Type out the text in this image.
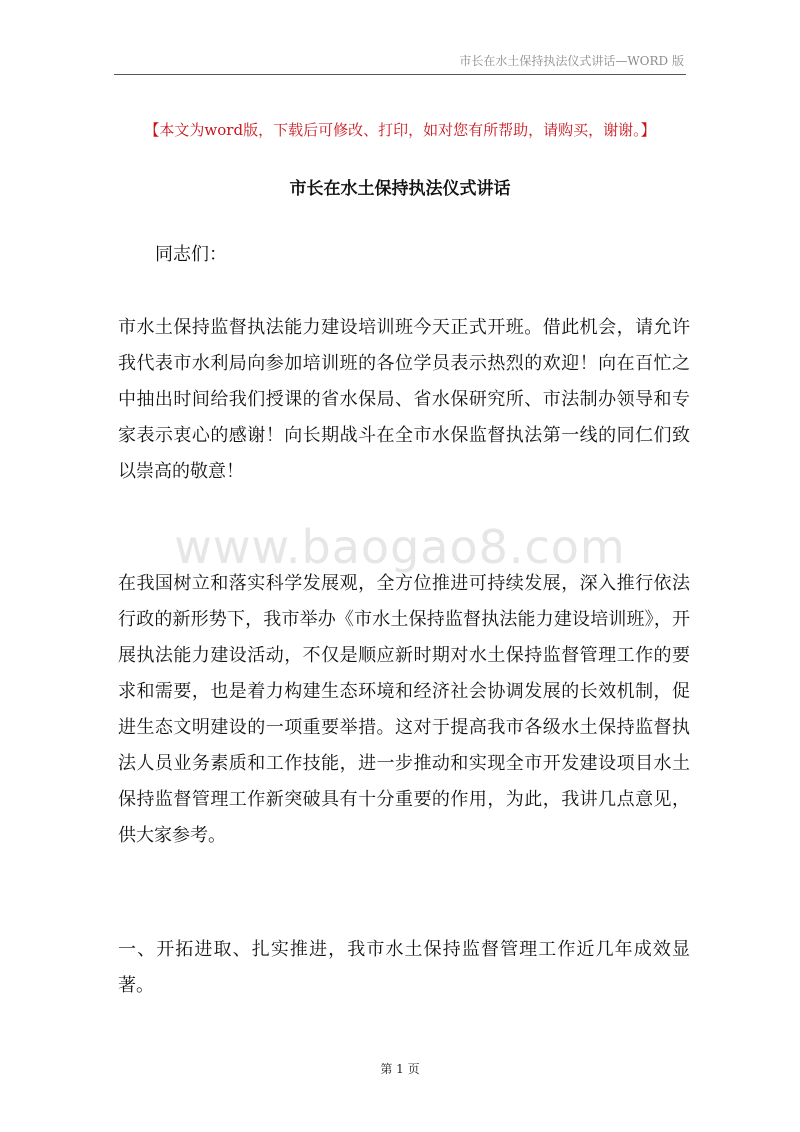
市长在水土保持执法仪式讲话—WORD 版
【本文为word版，下载后可修改、打印，如对您有所帮助，请购买，谢谢。】
市长在水土保持执法仪式讲话
同志们：
市水土保持监督执法能力建设培训班今天正式开班。借此机会，请允许我代表市水利局向参加培训班的各位学员表示热烈的欢迎！向在百忙之中抽出时间给我们授课的省水保局、省水保研究所、市法制办领导和专家表示衷心的感谢！向长期战斗在全市水保监督执法第一线的同仁们致以崇高的敬意！
www.baogao8.com
在我国树立和落实科学发展观，全方位推进可持续发展，深入推行依法行政的新形势下，我市举办《市水土保持监督执法能力建设培训班》，开展执法能力建设活动，不仅是顺应新时期对水土保持监督管理工作的要求和需要，也是着力构建生态环境和经济社会协调发展的长效机制，促进生态文明建设的一项重要举措。这对于提高我市各级水土保持监督执法人员业务素质和工作技能，进一步推动和实现全市开发建设项目水土保持监督管理工作新突破具有十分重要的作用，为此，我讲几点意见，供大家参考。
一、开拓进取、扎实推进，我市水土保持监督管理工作近几年成效显著。
第 1 页
